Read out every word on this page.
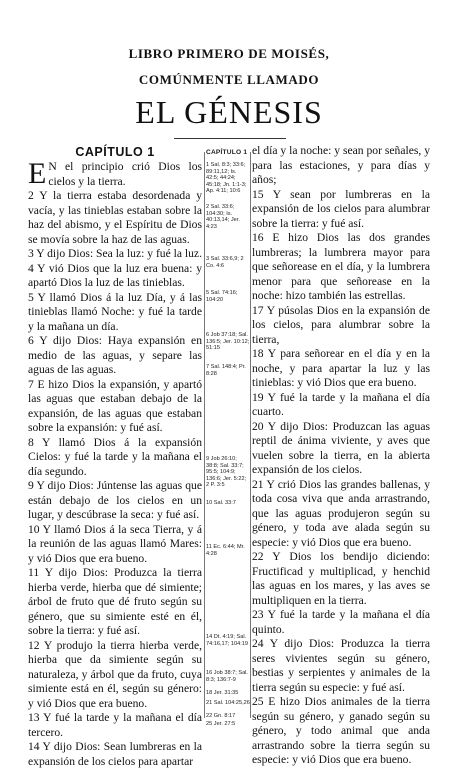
LIBRO PRIMERO DE MOISÉS,
COMÚNMENTE LLAMADO
EL GÉNESIS
CAPÍTULO 1

E N el principio crió Dios los cielos y la tierra.

2 Y la tierra estaba desordenada y vacía, y las tinieblas estaban sobre la haz del abismo, y el Espíritu de Dios se movía sobre la haz de las aguas.

3 Y dijo Dios: Sea la luz: y fué la luz.

4 Y vió Dios que la luz era buena: y apartó Dios la luz de las tinieblas.

5 Y llamó Dios á la luz Día, y á las tinieblas llamó Noche: y fué la tarde y la mañana un día.

6 Y dijo Dios: Haya expansión en medio de las aguas, y separe las aguas de las aguas.

7 E hizo Dios la expansión, y apartó las aguas que estaban debajo de la expansión, de las aguas que estaban sobre la expansión: y fué así.

8 Y llamó Dios á la expansión Cielos: y fué la tarde y la mañana el día segundo.

9 Y dijo Dios: Júntense las aguas que están debajo de los cielos en un lugar, y descúbrase la seca: y fué así.

10 Y llamó Dios á la seca Tierra, y á la reunión de las aguas llamó Mares: y vió Dios que era bueno.

11 Y dijo Dios: Produzca la tierra hierba verde, hierba que dé simiente; árbol de fruto que dé fruto según su género, que su simiente esté en él, sobre la tierra: y fué así.

12 Y produjo la tierra hierba verde, hierba que da simiente según su naturaleza, y árbol que da fruto, cuya simiente está en él, según su género: y vió Dios que era bueno.

13 Y fué la tarde y la mañana el día tercero.

14 Y dijo Dios: Sean lumbreras en la expansión de los cielos para apartar

CAPÍTULO 1
1 Sal. 8:3; 33:6; 89:11,12; Is. 42:5; 44:24; 45:18; Jn. 1:1-3; Ap. 4:11; 10:6
2 Sal. 33:6; 104:30; Is. 40:13,14; Jer. 4:23
3 Sal. 33:6,9; 2 Co. 4:6
5 Sal. 74:16; 104:20
6 Job 37:18; Sal. 136:5; Jer. 10:12; 51:15
7 Sal. 148:4; Pr. 8:28
9 Job 26:10; 38:8; Sal. 33:7; 95:5; 104:9; 136:6; Jer. 5:22; 2 P. 3:5
10 Sal. 33:7
11 Ec. 6:44; Mr. 4:28
14 Dt. 4:19; Sal. 74:16,17; 104:19
16 Job 38:7; Sal. 8:3; 136:7-9
18 Jer. 31:35
21 Sal. 104:25,26
22 Gn. 8:17
25 Jer. 27:5

el día y la noche: y sean por señales, y para las estaciones, y para días y años;

15 Y sean por lumbreras en la expansión de los cielos para alumbrar sobre la tierra: y fué así.

16 E hizo Dios las dos grandes lumbreras; la lumbrera mayor para que señorease en el día, y la lumbrera menor para que señorease en la noche: hizo también las estrellas.

17 Y púsolas Dios en la expansión de los cielos, para alumbrar sobre la tierra,

18 Y para señorear en el día y en la noche, y para apartar la luz y las tinieblas: y vió Dios que era bueno.

19 Y fué la tarde y la mañana el día cuarto.

20 Y dijo Dios: Produzcan las aguas reptil de ánima viviente, y aves que vuelen sobre la tierra, en la abierta expansión de los cielos.

21 Y crió Dios las grandes ballenas, y toda cosa viva que anda arrastrando, que las aguas produjeron según su género, y toda ave alada según su especie: y vió Dios que era bueno.

22 Y Dios los bendijo diciendo: Fructificad y multiplicad, y henchid las aguas en los mares, y las aves se multipliquen en la tierra.

23 Y fué la tarde y la mañana el día quinto.

24 Y dijo Dios: Produzca la tierra seres vivientes según su género, bestias y serpientes y animales de la tierra según su especie: y fué así.

25 E hizo Dios animales de la tierra según su género, y ganado según su género, y todo animal que anda arrastrando sobre la tierra según su especie: y vió Dios que era bueno.
